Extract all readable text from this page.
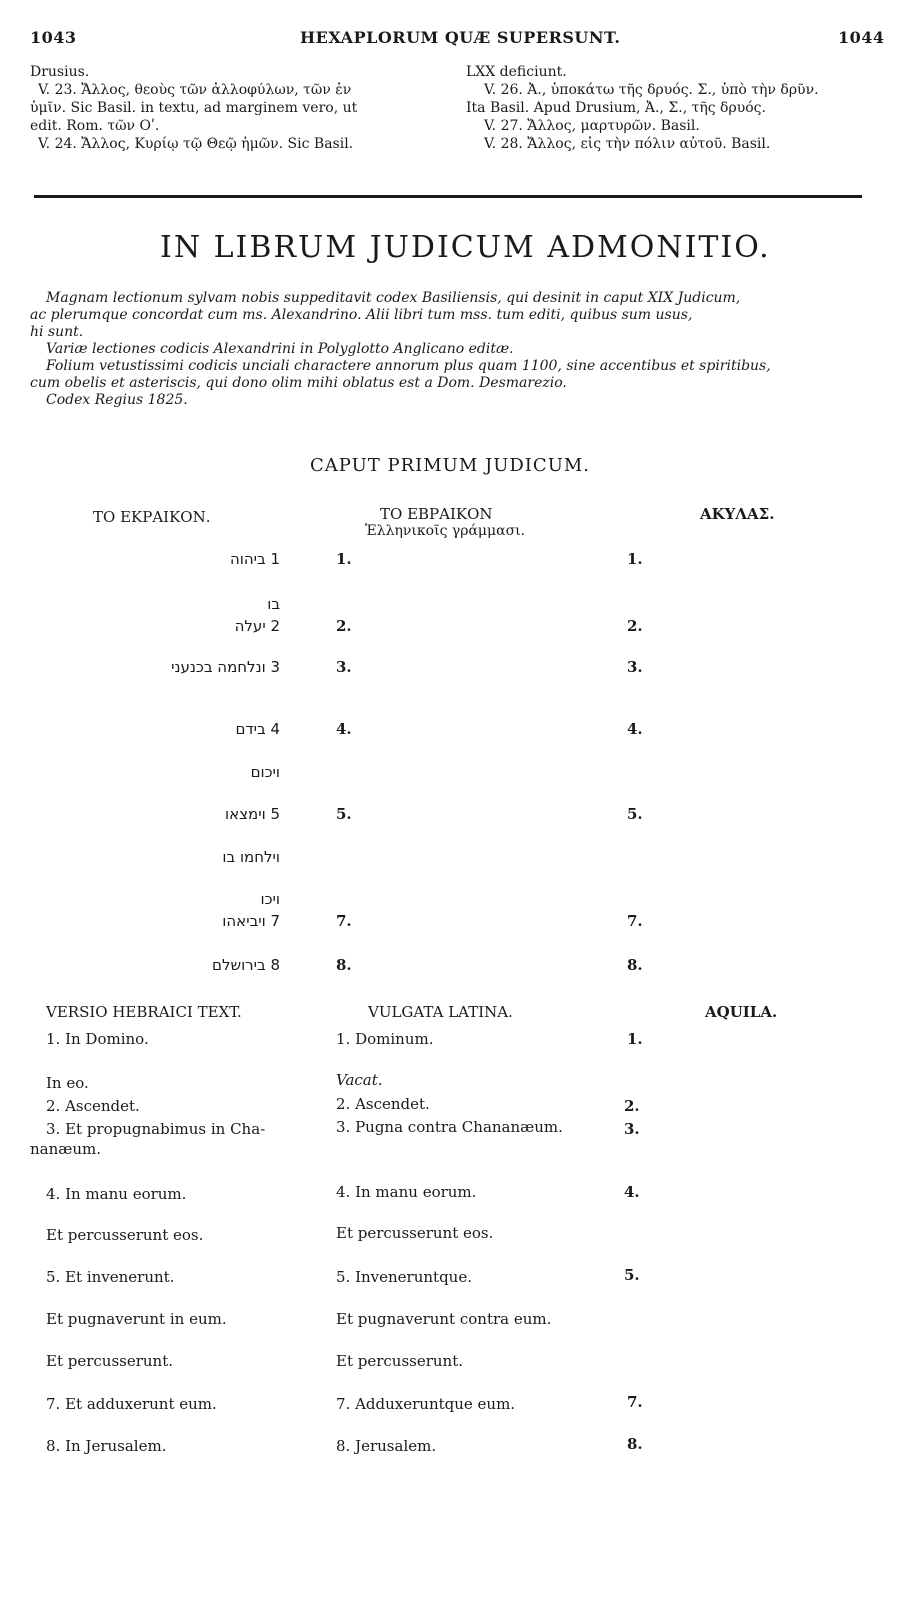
1043	HEXAPLORUM QUÆ SUPERSUNT.	1044
Drusius.
V. 23. Ἄλλος, θεοὺς τῶν ἀλλοφύλων, τῶν ἐν
ὑμῖν. Sic Basil. in textu, ad marginem vero, ut
edit. Rom. τῶν Οʹ.
V. 24. Ἄλλος, Κυρίῳ τῷ Θεῷ ἡμῶν. Sic Basil.
LXX deficiunt.
V. 26. Ἀ., ὑποκάτω τῆς δρυός. Σ., ὑπὸ τὴν δρῦν.
Ita Basil. Apud Drusium, Ἀ., Σ., τῆς δρυός.
V. 27. Ἄλλος, μαρτυρῶν. Basil.
V. 28. Ἄλλος, εἰς τὴν πόλιν αὐτοῦ. Basil.
IN LIBRUM JUDICUM ADMONITIO.
Magnam lectionum sylvam nobis suppeditavit codex Basiliensis, qui desinit in caput XIX Judicum,
ac plerumque concordat cum ms. Alexandrino. Alii libri tum mss. tum editi, quibus sum usus,
hi sunt.
Variæ lectiones codicis Alexandrini in Polyglotto Anglicano editæ.
Folium vetustissimi codicis unciali charactere annorum plus quam 1100, sine accentibus et spiritibus,
cum obelis et asteriscis, qui dono olim mihi oblatus est a Dom. Desmarezio.
Codex Regius 1825.
CAPUT PRIMUM JUDICUM.
ΤΟ ΕΚΡΑΙΚΟΝ.	ΤΟ ΕΒΡΑΙΚΟΝ
Ἑλληνικοῖς γράμμασι.
ΑΚΥΛΑΣ.
1 ביהוה	1.	1.
בו
2 יעלה	2.	2.
3 ונלחמה בכנעני	3.	3.
4 בידם	4.	4.
ויכום
5 וימצאו	5.	5.
וילחמו בו
ויכו
7 ויביאהו	7.	7.
8 בירושלם	8.	8.
VERSIO HEBRAICI TEXT.	VULGATA LATINA.	AQUILA.
1. In Domino.	1. Dominum.	1.
In eo.	Vacat.
2. Ascendet.	2. Ascendet.	2.
3. Et propugnabimus in Cha-	3. Pugna contra Chananæum.	3.
nanæum.
4. In manu eorum.	4. In manu eorum.	4.
Et percusserunt eos.	Et percusserunt eos.
5. Et invenerunt.	5. Inveneruntque.	5.
Et pugnaverunt in eum.	Et pugnaverunt contra eum.
Et percusserunt.	Et percusserunt.
7. Et adduxerunt eum.	7. Adduxeruntque eum.	7.
8. In Jerusalem.	8. Jerusalem.	8.
